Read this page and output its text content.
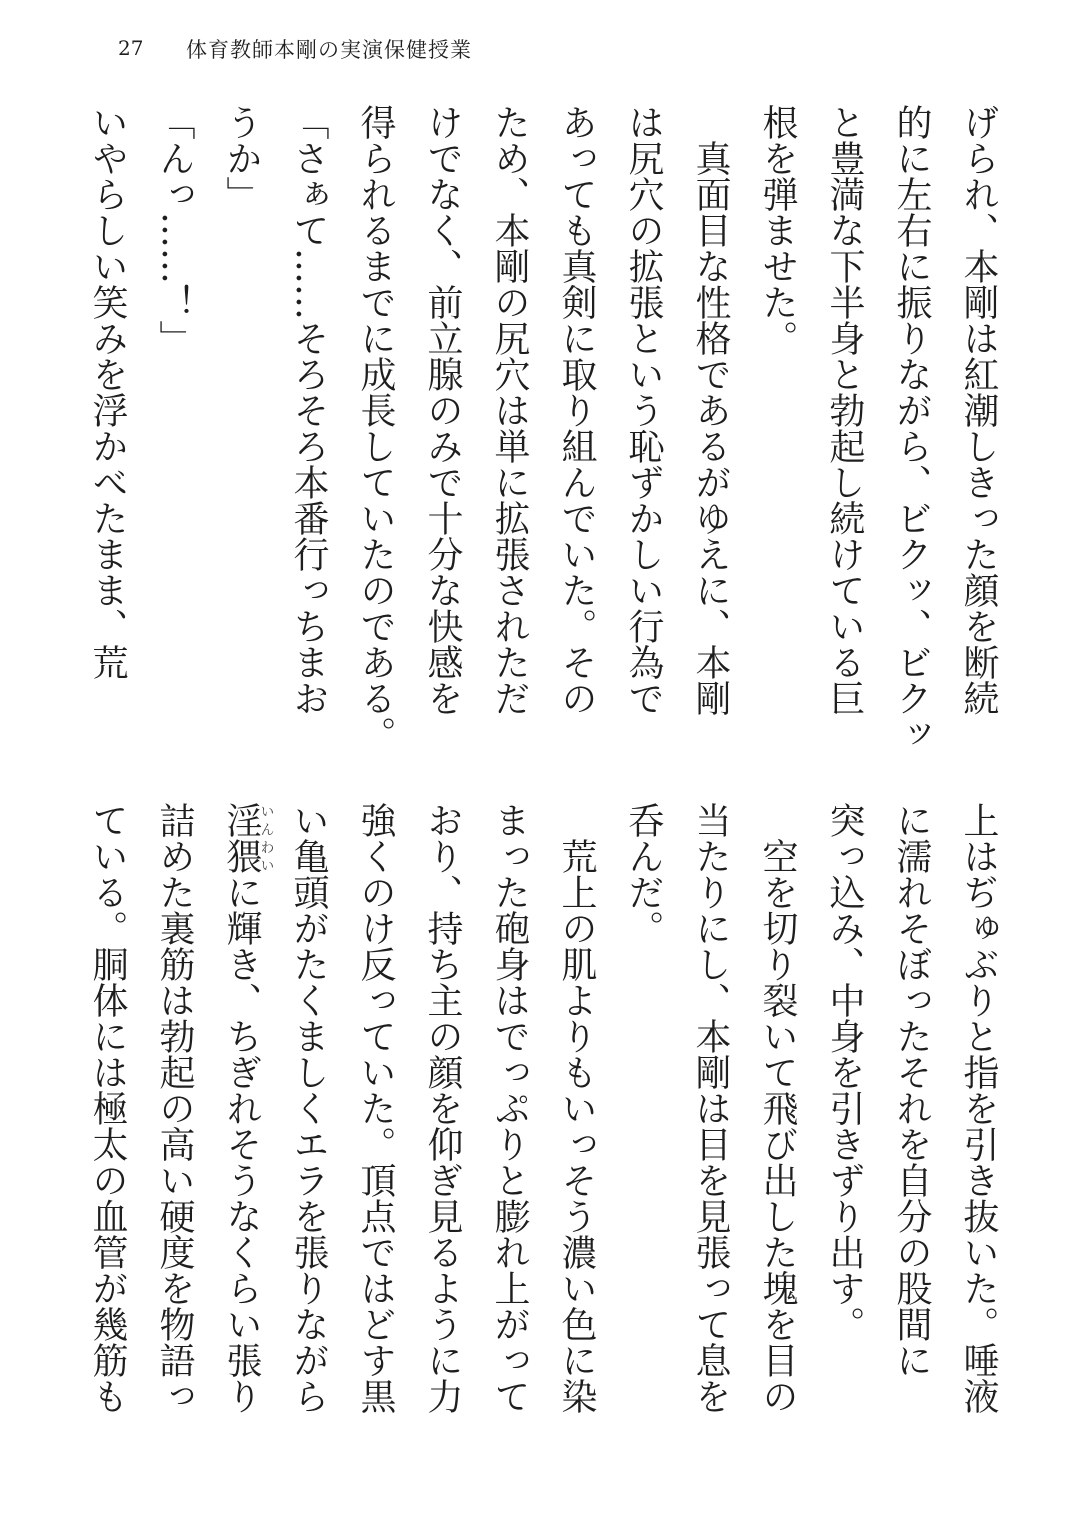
27 体育教師本剛の実演保健授業
げられ、本剛は紅潮しきった顔を断続
的に左右に振りながら、ビクッ、ビクッ
と豊満な下半身と勃起し続けている巨
根を弾ませた。
　真面目な性格であるがゆえに、本剛
は尻穴の拡張という恥ずかしい行為で
あっても真剣に取り組んでいた。その
ため、本剛の尻穴は単に拡張されただ
けでなく、前立腺のみで十分な快感を
得られるまでに成長していたのである。
「さぁて……そろそろ本番行っちまお
うか」
「んっ……！」
いやらしい笑みを浮かべたまま、荒
上はぢゅぶりと指を引き抜いた。唾液
に濡れそぼったそれを自分の股間に
突っ込み、中身を引きずり出す。
　空を切り裂いて飛び出した塊を目の
当たりにし、本剛は目を見張って息を
呑んだ。
　荒上の肌よりもいっそう濃い色に染
まった砲身はでっぷりと膨れ上がって
おり、持ち主の顔を仰ぎ見るように力
強くのけ反っていた。頂点ではどす黒
い亀頭がたくましくエラを張りながら
淫猥いんわいに輝き、ちぎれそうなくらい張り
詰めた裏筋は勃起の高い硬度を物語っ
ている。胴体には極太の血管が幾筋も
